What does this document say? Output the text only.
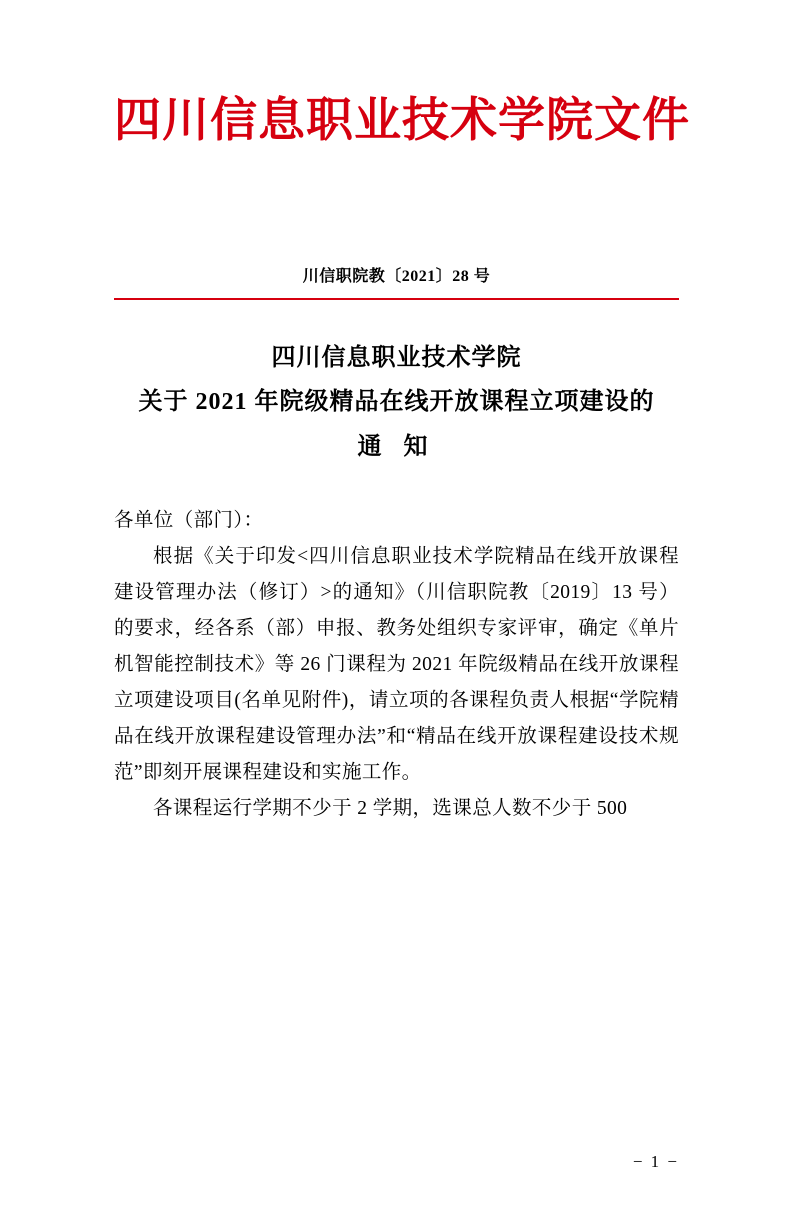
四川信息职业技术学院文件
川信职院教〔2021〕28 号
四川信息职业技术学院
关于 2021 年院级精品在线开放课程立项建设的
通 知

各单位（部门）：

根据《关于印发<四川信息职业技术学院精品在线开放课程建设管理办法（修订）>的通知》（川信职院教〔2019〕13 号）的要求，经各系（部）申报、教务处组织专家评审，确定《单片机智能控制技术》等 26 门课程为 2021 年院级精品在线开放课程立项建设项目(名单见附件)，请立项的各课程负责人根据“学院精品在线开放课程建设管理办法”和“精品在线开放课程建设技术规范”即刻开展课程建设和实施工作。

各课程运行学期不少于 2 学期，选课总人数不少于 500

− 1 −
